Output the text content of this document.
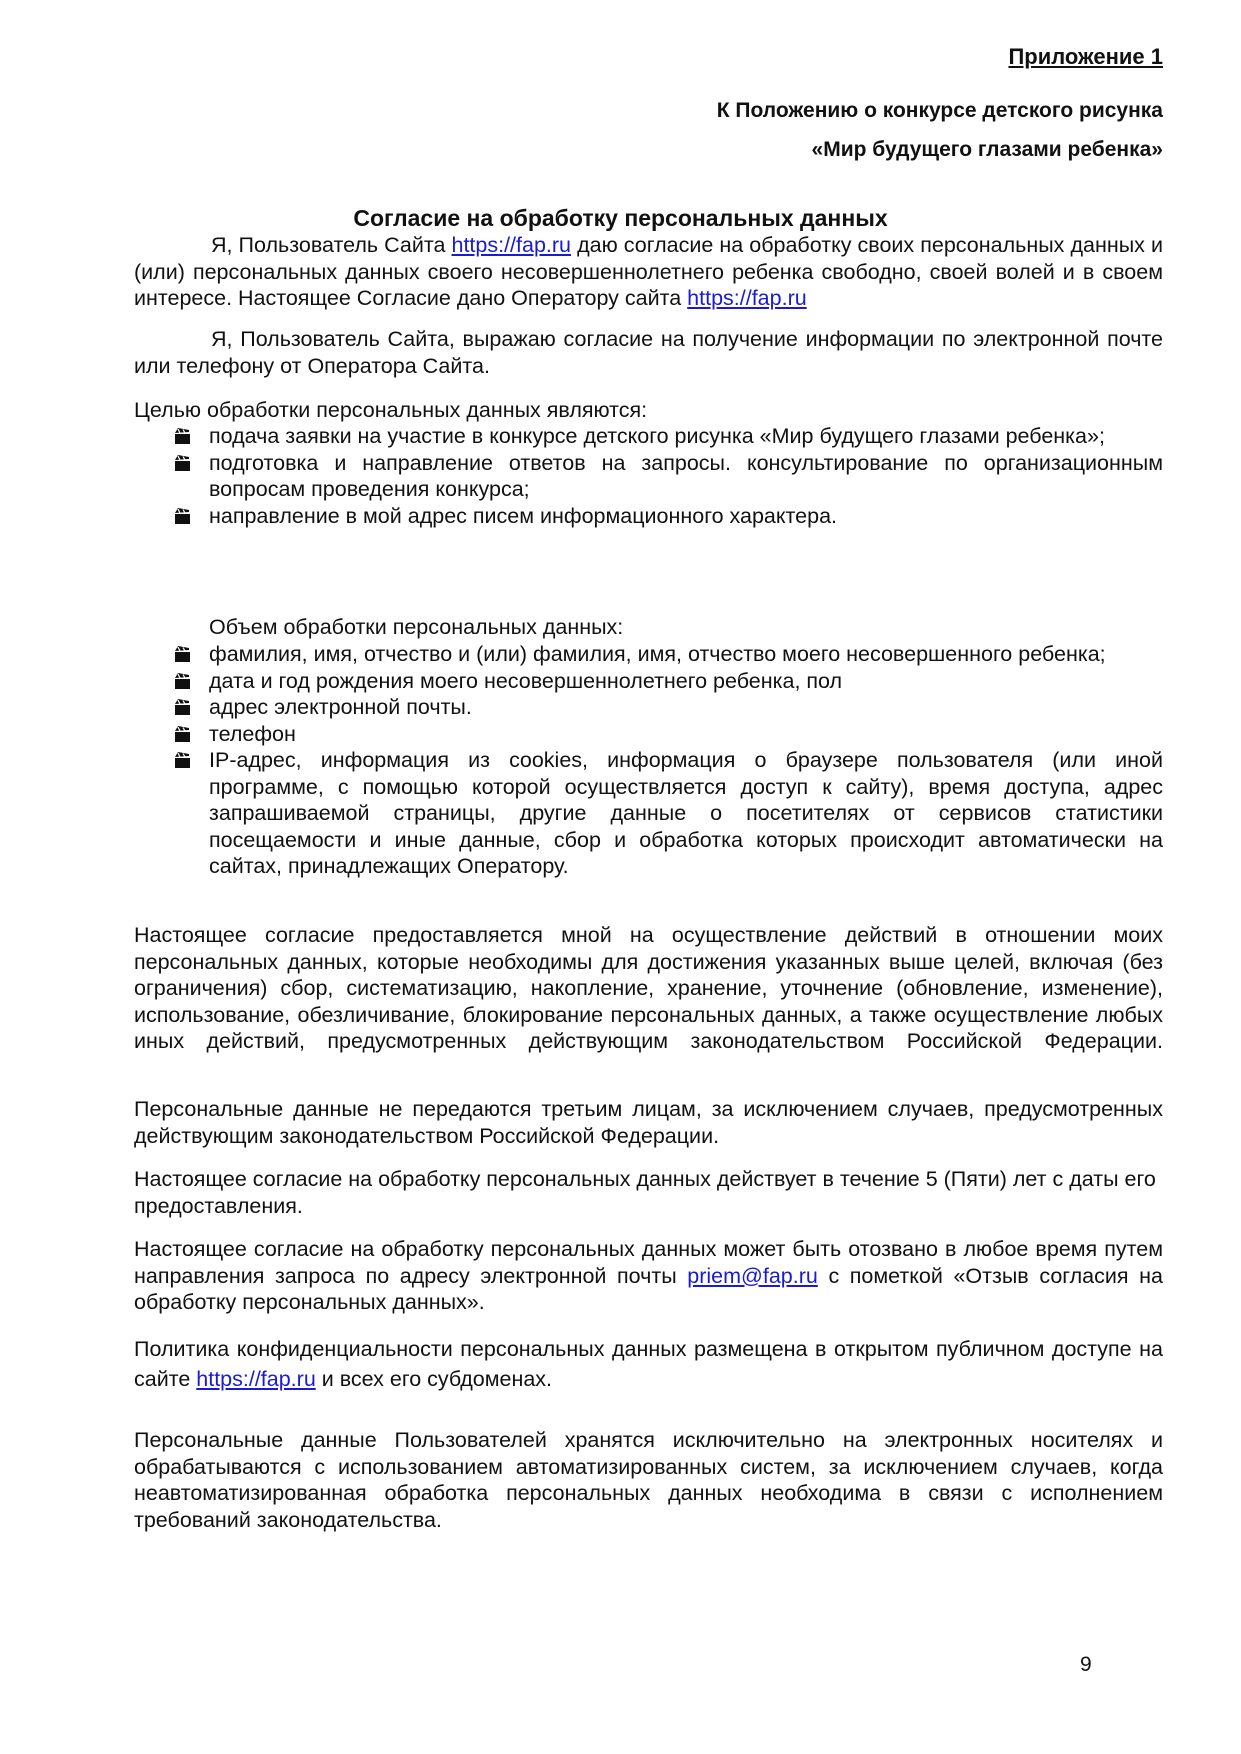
Приложение 1
К Положению о конкурсе детского рисунка
«Мир будущего глазами ребенка»
Согласие на обработку персональных данных
Я, Пользователь Сайта https://fap.ru даю согласие на обработку своих персональных данных и (или) персональных данных своего несовершеннолетнего ребенка свободно, своей волей и в своем интересе. Настоящее Согласие дано Оператору сайта https://fap.ru
Я, Пользователь Сайта, выражаю согласие на получение информации по электронной почте или телефону от Оператора Сайта.
Целью обработки персональных данных являются:
подача заявки на участие в конкурсе детского рисунка «Мир будущего глазами ребенка»;
подготовка и направление ответов на запросы. консультирование по организационным вопросам проведения конкурса;
направление в мой адрес писем информационного характера.
Объем обработки персональных данных:
фамилия, имя, отчество и (или) фамилия, имя, отчество моего несовершенного ребенка;
дата и год рождения моего несовершеннолетнего ребенка, пол
адрес электронной почты.
телефон
IP-адрес, информация из cookies, информация о браузере пользователя (или иной программе, с помощью которой осуществляется доступ к сайту), время доступа, адрес запрашиваемой страницы, другие данные о посетителях от сервисов статистики посещаемости и иные данные, сбор и обработка которых происходит автоматически на сайтах, принадлежащих Оператору.
Настоящее согласие предоставляется мной на осуществление действий в отношении моих персональных данных, которые необходимы для достижения указанных выше целей, включая (без ограничения) сбор, систематизацию, накопление, хранение, уточнение (обновление, изменение), использование, обезличивание, блокирование персональных данных, а также осуществление любых иных действий, предусмотренных действующим законодательством Российской Федерации.
Персональные данные не передаются третьим лицам, за исключением случаев, предусмотренных действующим законодательством Российской Федерации.
Настоящее согласие на обработку персональных данных действует в течение 5 (Пяти) лет с даты его предоставления.
Настоящее согласие на обработку персональных данных может быть отозвано в любое время путем направления запроса по адресу электронной почты priem@fap.ru с пометкой «Отзыв согласия на обработку персональных данных».
Политика конфиденциальности персональных данных размещена в открытом публичном доступе на сайте https://fap.ru и всех его субдоменах.
Персональные данные Пользователей хранятся исключительно на электронных носителях и обрабатываются с использованием автоматизированных систем, за исключением случаев, когда неавтоматизированная обработка персональных данных необходима в связи с исполнением требований законодательства.
9
